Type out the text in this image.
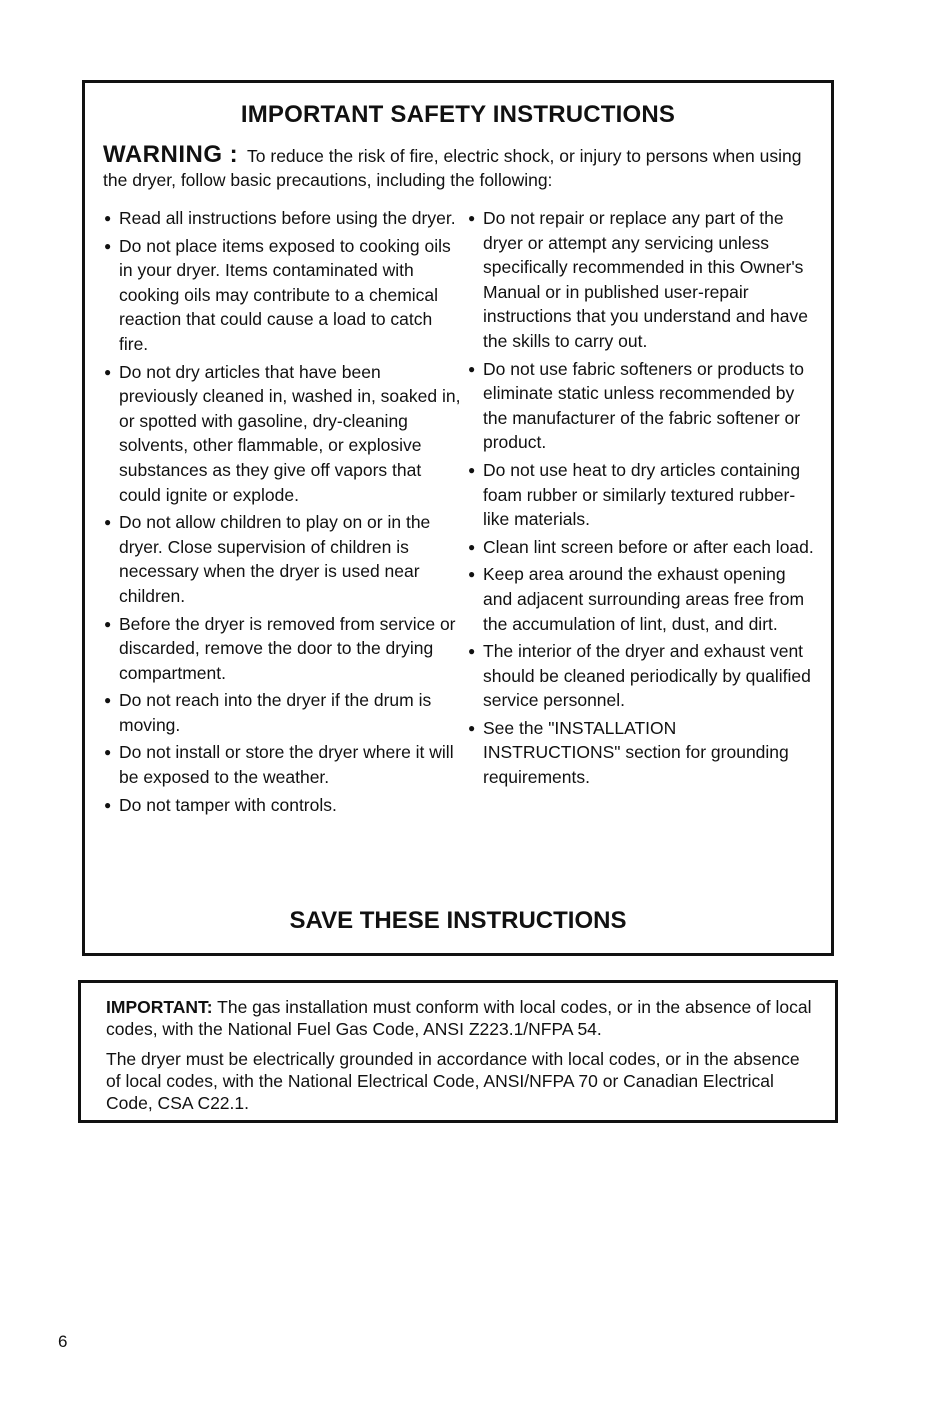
IMPORTANT SAFETY INSTRUCTIONS
WARNING : To reduce the risk of fire, electric shock, or injury to persons when using the dryer, follow basic precautions, including the following:
● Read all instructions before using the dryer.
● Do not place items exposed to cooking oils in your dryer. Items contaminated with cooking oils may contribute to a chemical reaction that could cause a load to catch fire.
● Do not dry articles that have been previously cleaned in, washed in, soaked in, or spotted with gasoline, dry-cleaning solvents, other flammable, or explosive substances as they give off vapors that could ignite or explode.
● Do not allow children to play on or in the dryer. Close supervision of children is necessary when the dryer is used near children.
● Before the dryer is removed from service or discarded, remove the door to the drying compartment.
● Do not reach into the dryer if the drum is moving.
● Do not install or store the dryer where it will be exposed to the weather.
● Do not tamper with controls.
● Do not repair or replace any part of the dryer or attempt any servicing unless specifically recommended in this Owner's Manual or in published user-repair instructions that you understand and have the skills to carry out.
● Do not use fabric softeners or products to eliminate static unless recommended by the manufacturer of the fabric softener or product.
● Do not use heat to dry articles containing foam rubber or similarly textured rubber-like materials.
● Clean lint screen before or after each load.
● Keep area around the exhaust opening and adjacent surrounding areas free from the accumulation of lint, dust, and dirt.
● The interior of the dryer and exhaust vent should be cleaned periodically by qualified service personnel.
● See the "INSTALLATION INSTRUCTIONS" section for grounding requirements.
SAVE THESE INSTRUCTIONS

IMPORTANT: The gas installation must conform with local codes, or in the absence of local codes, with the National Fuel Gas Code, ANSI Z223.1/NFPA 54.

The dryer must be electrically grounded in accordance with local codes, or in the absence of local codes, with the National Electrical Code, ANSI/NFPA 70 or Canadian Electrical Code, CSA C22.1.

6
